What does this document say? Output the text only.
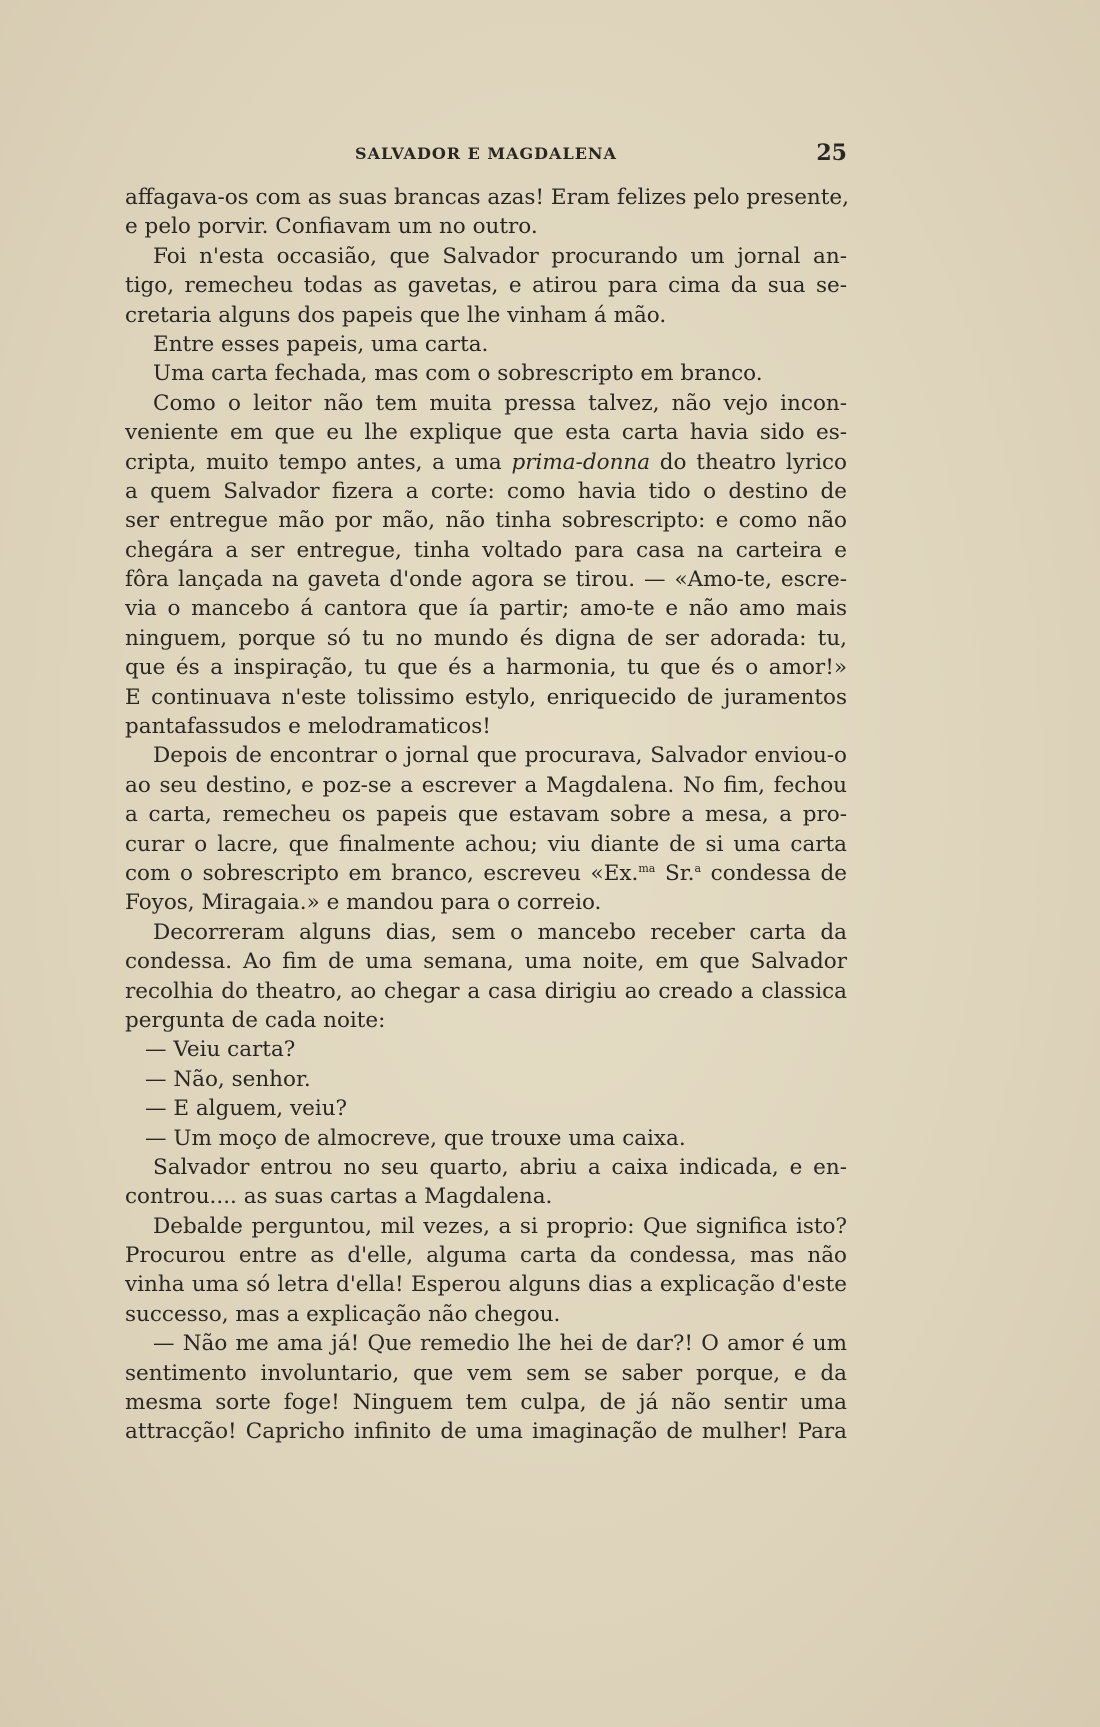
SALVADOR E MAGDALENA	25
affagava-os com as suas brancas azas! Eram felizes pelo presente,
e pelo porvir. Confiavam um no outro.
Foi n'esta occasião, que Salvador procurando um jornal an-
tigo, remecheu todas as gavetas, e atirou para cima da sua se-
cretaria alguns dos papeis que lhe vinham á mão.
Entre esses papeis, uma carta.
Uma carta fechada, mas com o sobrescripto em branco.
Como o leitor não tem muita pressa talvez, não vejo incon-
veniente em que eu lhe explique que esta carta havia sido es-
cripta, muito tempo antes, a uma prima-donna do theatro lyrico
a quem Salvador fizera a corte: como havia tido o destino de
ser entregue mão por mão, não tinha sobrescripto: e como não
chegára a ser entregue, tinha voltado para casa na carteira e
fôra lançada na gaveta d'onde agora se tirou. — «Amo-te, escre-
via o mancebo á cantora que ía partir; amo-te e não amo mais
ninguem, porque só tu no mundo és digna de ser adorada: tu,
que és a inspiração, tu que és a harmonia, tu que és o amor!»
E continuava n'este tolissimo estylo, enriquecido de juramentos
pantafassudos e melodramaticos!
Depois de encontrar o jornal que procurava, Salvador enviou-o
ao seu destino, e poz-se a escrever a Magdalena. No fim, fechou
a carta, remecheu os papeis que estavam sobre a mesa, a pro-
curar o lacre, que finalmente achou; viu diante de si uma carta
com o sobrescripto em branco, escreveu «Ex.$^{ma}$ Sr.$^a$ condessa de
Foyos, Miragaia.» e mandou para o correio.
Decorreram alguns dias, sem o mancebo receber carta da
condessa. Ao fim de uma semana, uma noite, em que Salvador
recolhia do theatro, ao chegar a casa dirigiu ao creado a classica
pergunta de cada noite:
— Veiu carta?
— Não, senhor.
— E alguem, veiu?
— Um moço de almocreve, que trouxe uma caixa.
Salvador entrou no seu quarto, abriu a caixa indicada, e en-
controu.... as suas cartas a Magdalena.
Debalde perguntou, mil vezes, a si proprio: Que significa isto?
Procurou entre as d'elle, alguma carta da condessa, mas não
vinha uma só letra d'ella! Esperou alguns dias a explicação d'este
successo, mas a explicação não chegou.
— Não me ama já! Que remedio lhe hei de dar?! O amor é um
sentimento involuntario, que vem sem se saber porque, e da
mesma sorte foge! Ninguem tem culpa, de já não sentir uma
attracção! Capricho infinito de uma imaginação de mulher! Para
